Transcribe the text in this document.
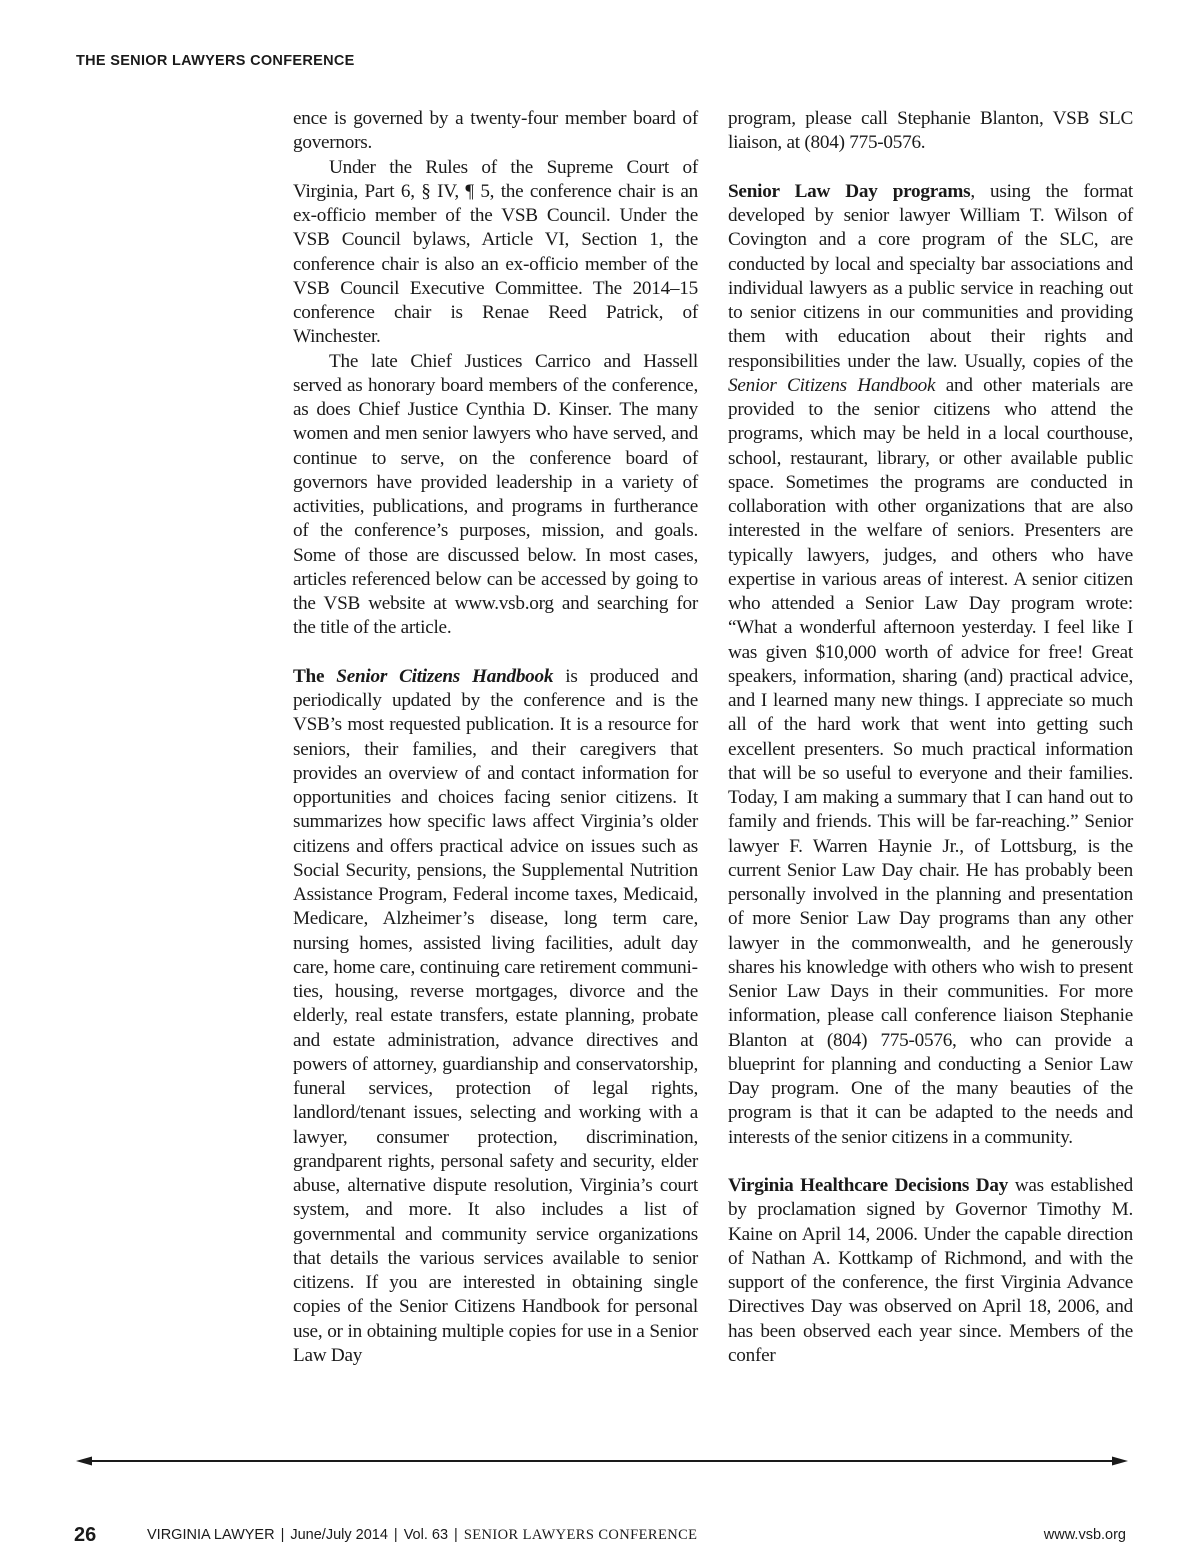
THE SENIOR LAWYERS CONFERENCE

ence is governed by a twenty-four member board of governors.

Under the Rules of the Supreme Court of Virginia, Part 6, § IV, ¶ 5, the conference chair is an ex-officio member of the VSB Council. Under the VSB Council bylaws, Article VI, Section 1, the conference chair is also an ex-officio member of the VSB Council Executive Committee. The 2014–15 conference chair is Renae Reed Patrick, of Winchester.

The late Chief Justices Carrico and Hassell served as honorary board members of the conference, as does Chief Justice Cynthia D. Kinser. The many women and men senior lawyers who have served, and continue to serve, on the conference board of governors have provided leadership in a variety of activities, publications, and programs in furtherance of the conference’s purposes, mission, and goals. Some of those are discussed below. In most cases, articles referenced below can be accessed by going to the VSB website at www.vsb.org and searching for the title of the article.

The Senior Citizens Handbook is produced and periodically updated by the conference and is the VSB’s most requested publication. It is a resource for seniors, their families, and their caregivers that provides an overview of and contact information for opportunities and choices facing senior citizens. It summarizes how specific laws affect Virginia’s older citizens and offers practical advice on issues such as Social Security, pensions, the Supplemental Nutrition Assistance Program, Federal income taxes, Medicaid, Medicare, Alzheimer’s disease, long term care, nursing homes, assisted living facilities, adult day care, home care, continuing care retirement communities, housing, reverse mortgages, divorce and the elderly, real estate transfers, estate planning, probate and estate administration, advance directives and powers of attorney, guardianship and conservatorship, funeral services, protection of legal rights, landlord/tenant issues, selecting and working with a lawyer, consumer protection, discrimination, grandparent rights, personal safety and security, elder abuse, alternative dispute resolution, Virginia’s court system, and more. It also includes a list of governmental and community service organizations that details the various services available to senior citizens. If you are interested in obtaining single copies of the Senior Citizens Handbook for personal use, or in obtaining multiple copies for use in a Senior Law Day

program, please call Stephanie Blanton, VSB SLC liaison, at (804) 775-0576.

Senior Law Day programs, using the format developed by senior lawyer William T. Wilson of Covington and a core program of the SLC, are conducted by local and specialty bar associations and individual lawyers as a public service in reaching out to senior citizens in our communities and providing them with education about their rights and responsibilities under the law. Usually, copies of the Senior Citizens Handbook and other materials are provided to the senior citizens who attend the programs, which may be held in a local courthouse, school, restaurant, library, or other available public space. Sometimes the programs are conducted in collaboration with other organizations that are also interested in the welfare of seniors. Presenters are typically lawyers, judges, and others who have expertise in various areas of interest. A senior citizen who attended a Senior Law Day program wrote: “What a wonderful afternoon yesterday. I feel like I was given $10,000 worth of advice for free! Great speakers, information, sharing (and) practical advice, and I learned many new things. I appreciate so much all of the hard work that went into getting such excellent presenters. So much practical information that will be so useful to everyone and their families. Today, I am making a summary that I can hand out to family and friends. This will be far-reaching.” Senior lawyer F. Warren Haynie Jr., of Lottsburg, is the current Senior Law Day chair. He has probably been personally involved in the planning and presentation of more Senior Law Day programs than any other lawyer in the commonwealth, and he generously shares his knowledge with others who wish to present Senior Law Days in their communities. For more information, please call conference liaison Stephanie Blanton at (804) 775-0576, who can provide a blueprint for planning and conducting a Senior Law Day program. One of the many beauties of the program is that it can be adapted to the needs and interests of the senior citizens in a community.

Virginia Healthcare Decisions Day was established by proclamation signed by Governor Timothy M. Kaine on April 14, 2006. Under the capable direction of Nathan A. Kottkamp of Richmond, and with the support of the conference, the first Virginia Advance Directives Day was observed on April 18, 2006, and has been observed each year since. Members of the confer

26	VIRGINIA LAWYER | June/July 2014 | Vol. 63 | SENIOR LAWYERS CONFERENCE	www.vsb.org
